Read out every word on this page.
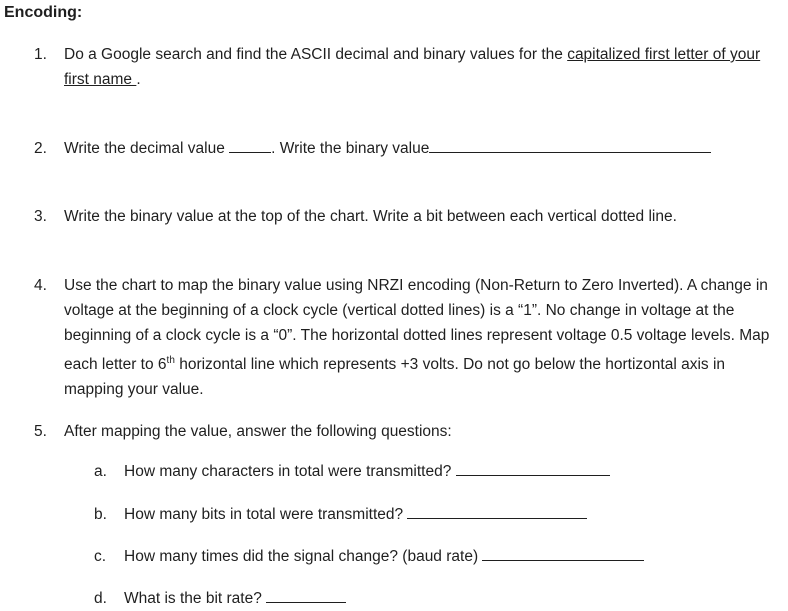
Encoding:
1. Do a Google search and find the ASCII decimal and binary values for the capitalized first letter of your first name .
2. Write the decimal value	. Write the binary value
3. Write the binary value at the top of the chart. Write a bit between each vertical dotted line.
4. Use the chart to map the binary value using NRZI encoding (Non-Return to Zero Inverted). A change in voltage at the beginning of a clock cycle (vertical dotted lines) is a “1”. No change in voltage at the beginning of a clock cycle is a “0”. The horizontal dotted lines represent voltage 0.5 voltage levels. Map each letter to 6th horizontal line which represents +3 volts. Do not go below the hortizontal axis in mapping your value.
5. After mapping the value, answer the following questions:
a. How many characters in total were transmitted?
b. How many bits in total were transmitted?
c. How many times did the signal change? (baud rate)
d. What is the bit rate?
